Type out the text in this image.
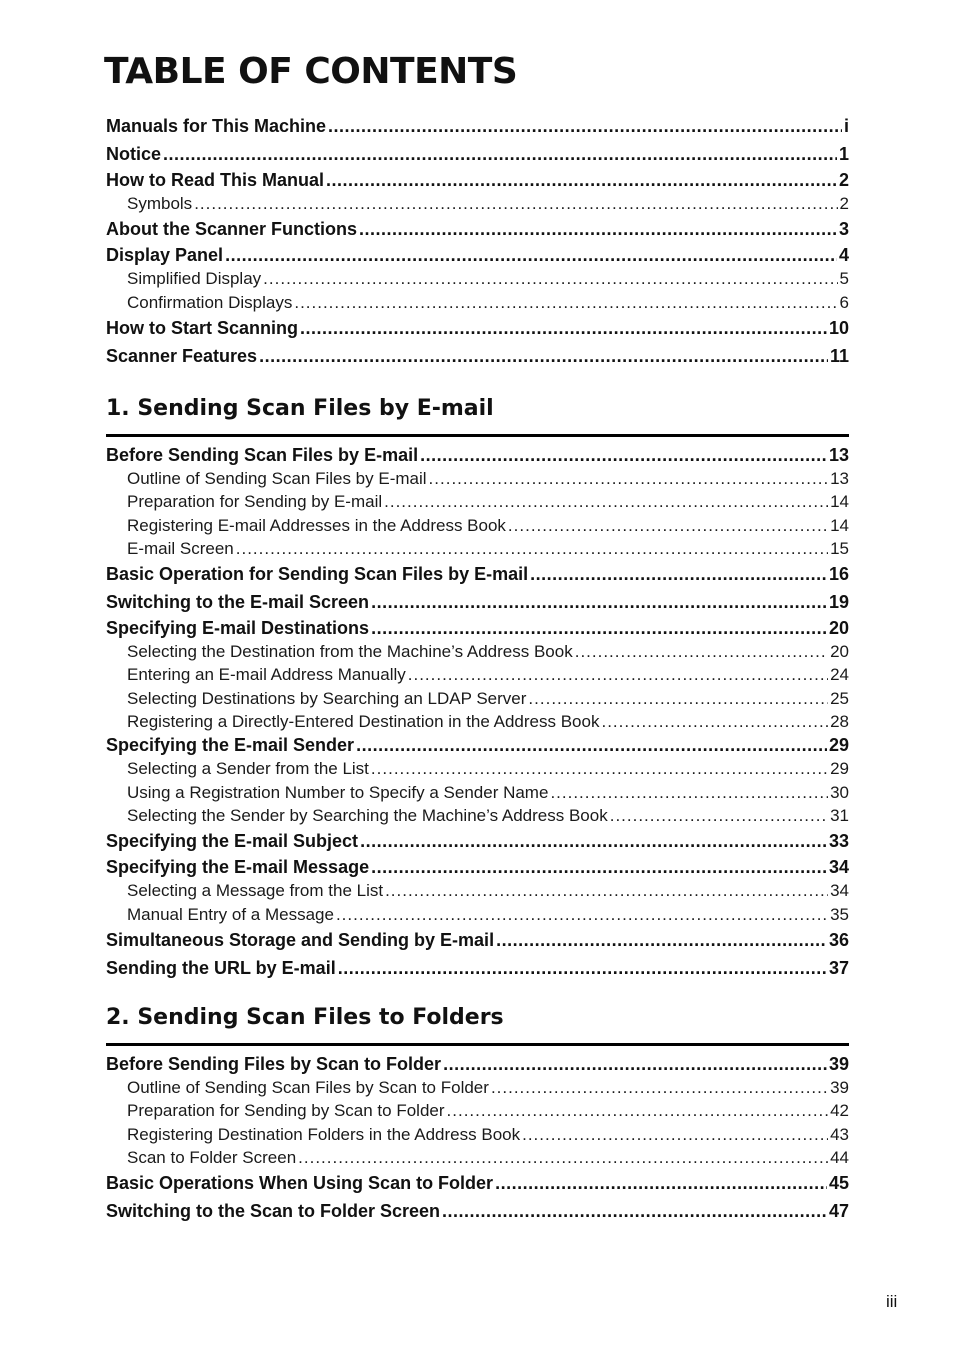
TABLE OF CONTENTS
Manuals for This Machine .....	i
Notice .....	1
How to Read This Manual .....	2
Symbols .....	2
About the Scanner Functions .....	3
Display Panel .....	4
Simplified Display .....	5
Confirmation Displays .....	6
How to Start Scanning .....	10
Scanner Features .....	11
1. Sending Scan Files by E-mail
Before Sending Scan Files by E-mail .....	13
Outline of Sending Scan Files by E-mail .....	13
Preparation for Sending by E-mail .....	14
Registering E-mail Addresses in the Address Book .....	14
E-mail Screen .....	15
Basic Operation for Sending Scan Files by E-mail .....	16
Switching to the E-mail Screen .....	19
Specifying E-mail Destinations .....	20
Selecting the Destination from the Machine’s Address Book .....	20
Entering an E-mail Address Manually .....	24
Selecting Destinations by Searching an LDAP Server .....	25
Registering a Directly-Entered Destination in the Address Book .....	28
Specifying the E-mail Sender .....	29
Selecting a Sender from the List .....	29
Using a Registration Number to Specify a Sender Name .....	30
Selecting the Sender by Searching the Machine’s Address Book .....	31
Specifying the E-mail Subject .....	33
Specifying the E-mail Message .....	34
Selecting a Message from the List .....	34
Manual Entry of a Message .....	35
Simultaneous Storage and Sending by E-mail .....	36
Sending the URL by E-mail .....	37
2. Sending Scan Files to Folders
Before Sending Files by Scan to Folder .....	39
Outline of Sending Scan Files by Scan to Folder .....	39
Preparation for Sending by Scan to Folder .....	42
Registering Destination Folders in the Address Book .....	43
Scan to Folder Screen .....	44
Basic Operations When Using Scan to Folder .....	45
Switching to the Scan to Folder Screen .....	47
iii
